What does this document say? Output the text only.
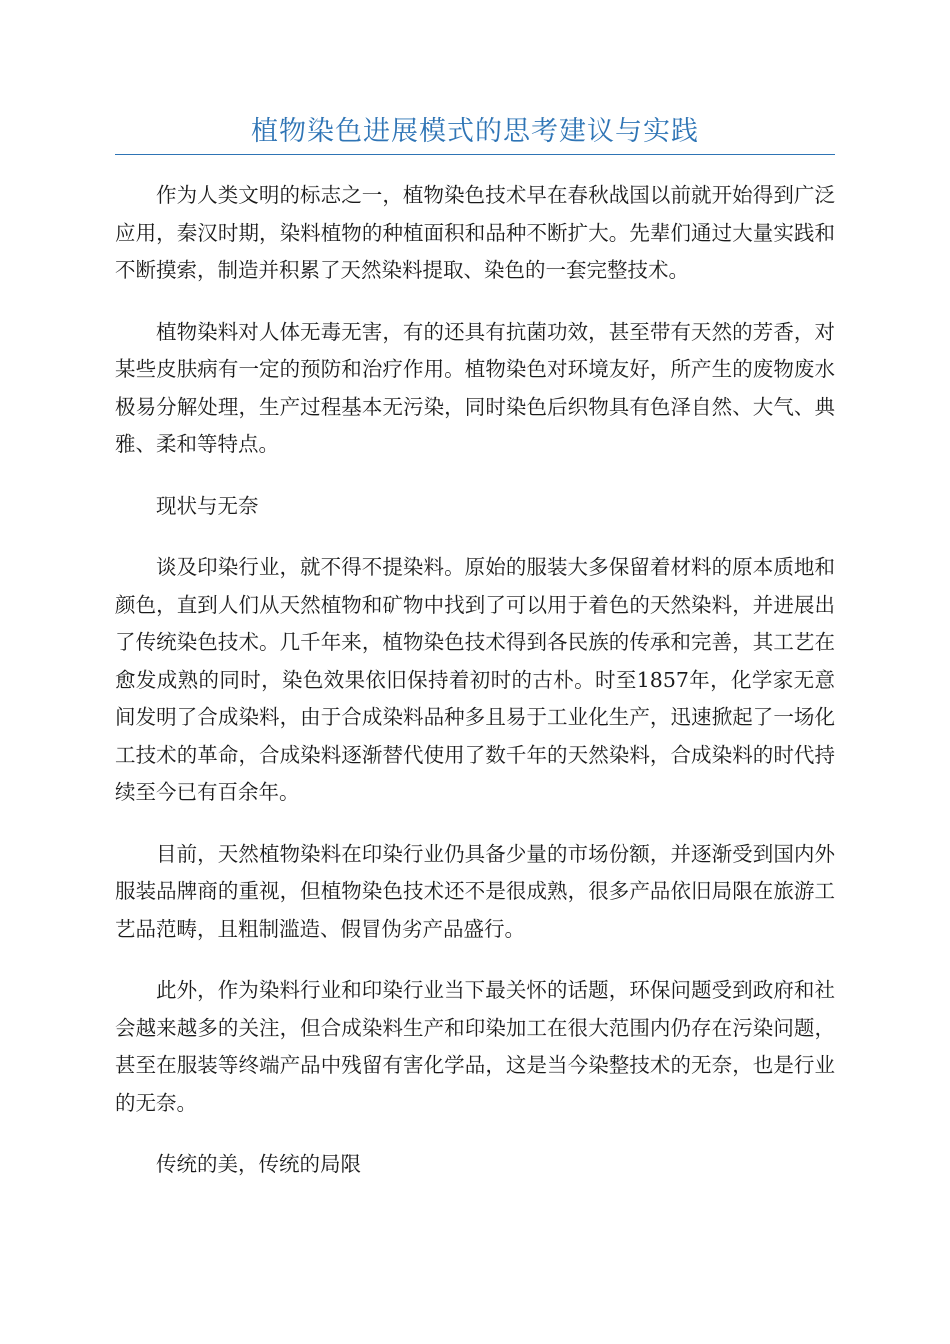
植物染色进展模式的思考建议与实践

作为人类文明的标志之一，植物染色技术早在春秋战国以前就开始得到广泛应用，秦汉时期，染料植物的种植面积和品种不断扩大。先辈们通过大量实践和不断摸索，制造并积累了天然染料提取、染色的一套完整技术。

植物染料对人体无毒无害，有的还具有抗菌功效，甚至带有天然的芳香，对某些皮肤病有一定的预防和治疗作用。植物染色对环境友好，所产生的废物废水极易分解处理，生产过程基本无污染，同时染色后织物具有色泽自然、大气、典雅、柔和等特点。

现状与无奈

谈及印染行业，就不得不提染料。原始的服装大多保留着材料的原本质地和颜色，直到人们从天然植物和矿物中找到了可以用于着色的天然染料，并进展出了传统染色技术。几千年来，植物染色技术得到各民族的传承和完善，其工艺在愈发成熟的同时，染色效果依旧保持着初时的古朴。时至1857年，化学家无意间发明了合成染料，由于合成染料品种多且易于工业化生产，迅速掀起了一场化工技术的革命，合成染料逐渐替代使用了数千年的天然染料，合成染料的时代持续至今已有百余年。

目前，天然植物染料在印染行业仍具备少量的市场份额，并逐渐受到国内外服装品牌商的重视，但植物染色技术还不是很成熟，很多产品依旧局限在旅游工艺品范畴，且粗制滥造、假冒伪劣产品盛行。

此外，作为染料行业和印染行业当下最关怀的话题，环保问题受到政府和社会越来越多的关注，但合成染料生产和印染加工在很大范围内仍存在污染问题，甚至在服装等终端产品中残留有害化学品，这是当今染整技术的无奈，也是行业的无奈。

传统的美，传统的局限
